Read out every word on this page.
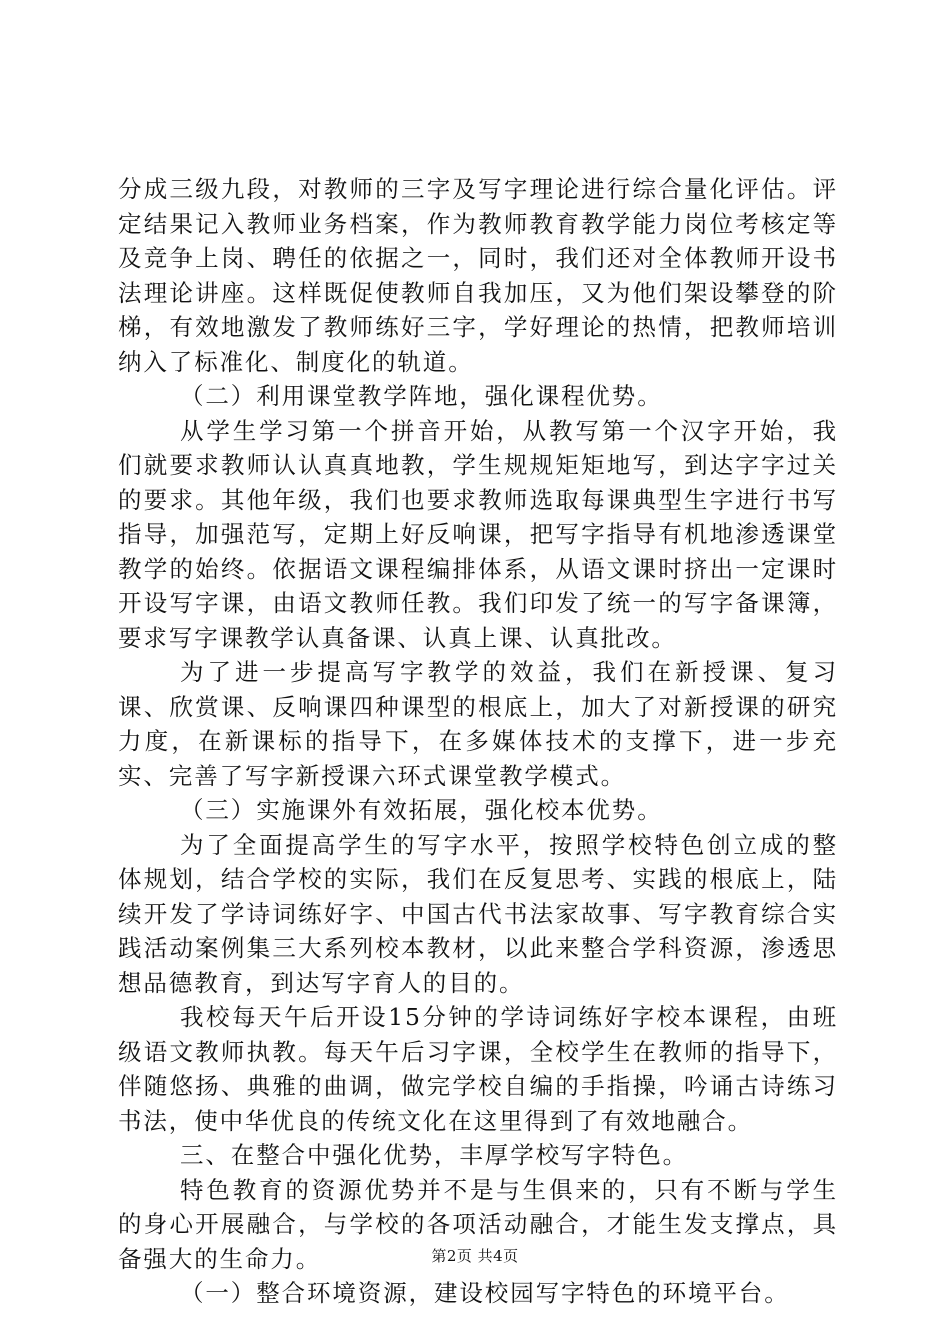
分成三级九段，对教师的三字及写字理论进行综合量化评估。评定结果记入教师业务档案，作为教师教育教学能力岗位考核定等及竞争上岗、聘任的依据之一，同时，我们还对全体教师开设书法理论讲座。这样既促使教师自我加压，又为他们架设攀登的阶梯，有效地激发了教师练好三字，学好理论的热情，把教师培训纳入了标准化、制度化的轨道。

（二）利用课堂教学阵地，强化课程优势。

从学生学习第一个拼音开始，从教写第一个汉字开始，我们就要求教师认认真真地教，学生规规矩矩地写，到达字字过关的要求。其他年级，我们也要求教师选取每课典型生字进行书写指导，加强范写，定期上好反响课，把写字指导有机地渗透课堂教学的始终。依据语文课程编排体系，从语文课时挤出一定课时开设写字课，由语文教师任教。我们印发了统一的写字备课簿，要求写字课教学认真备课、认真上课、认真批改。

为了进一步提高写字教学的效益，我们在新授课、复习课、欣赏课、反响课四种课型的根底上，加大了对新授课的研究力度，在新课标的指导下，在多媒体技术的支撑下，进一步充实、完善了写字新授课六环式课堂教学模式。

（三）实施课外有效拓展，强化校本优势。

为了全面提高学生的写字水平，按照学校特色创立成的整体规划，结合学校的实际，我们在反复思考、实践的根底上，陆续开发了学诗词练好字、中国古代书法家故事、写字教育综合实践活动案例集三大系列校本教材，以此来整合学科资源，渗透思想品德教育，到达写字育人的目的。

我校每天午后开设15分钟的学诗词练好字校本课程，由班级语文教师执教。每天午后习字课，全校学生在教师的指导下，伴随悠扬、典雅的曲调，做完学校自编的手指操，吟诵古诗练习书法，使中华优良的传统文化在这里得到了有效地融合。

三、在整合中强化优势，丰厚学校写字特色。

特色教育的资源优势并不是与生俱来的，只有不断与学生的身心开展融合，与学校的各项活动融合，才能生发支撑点，具备强大的生命力。

（一）整合环境资源，建设校园写字特色的环境平台。

第2页 共4页
